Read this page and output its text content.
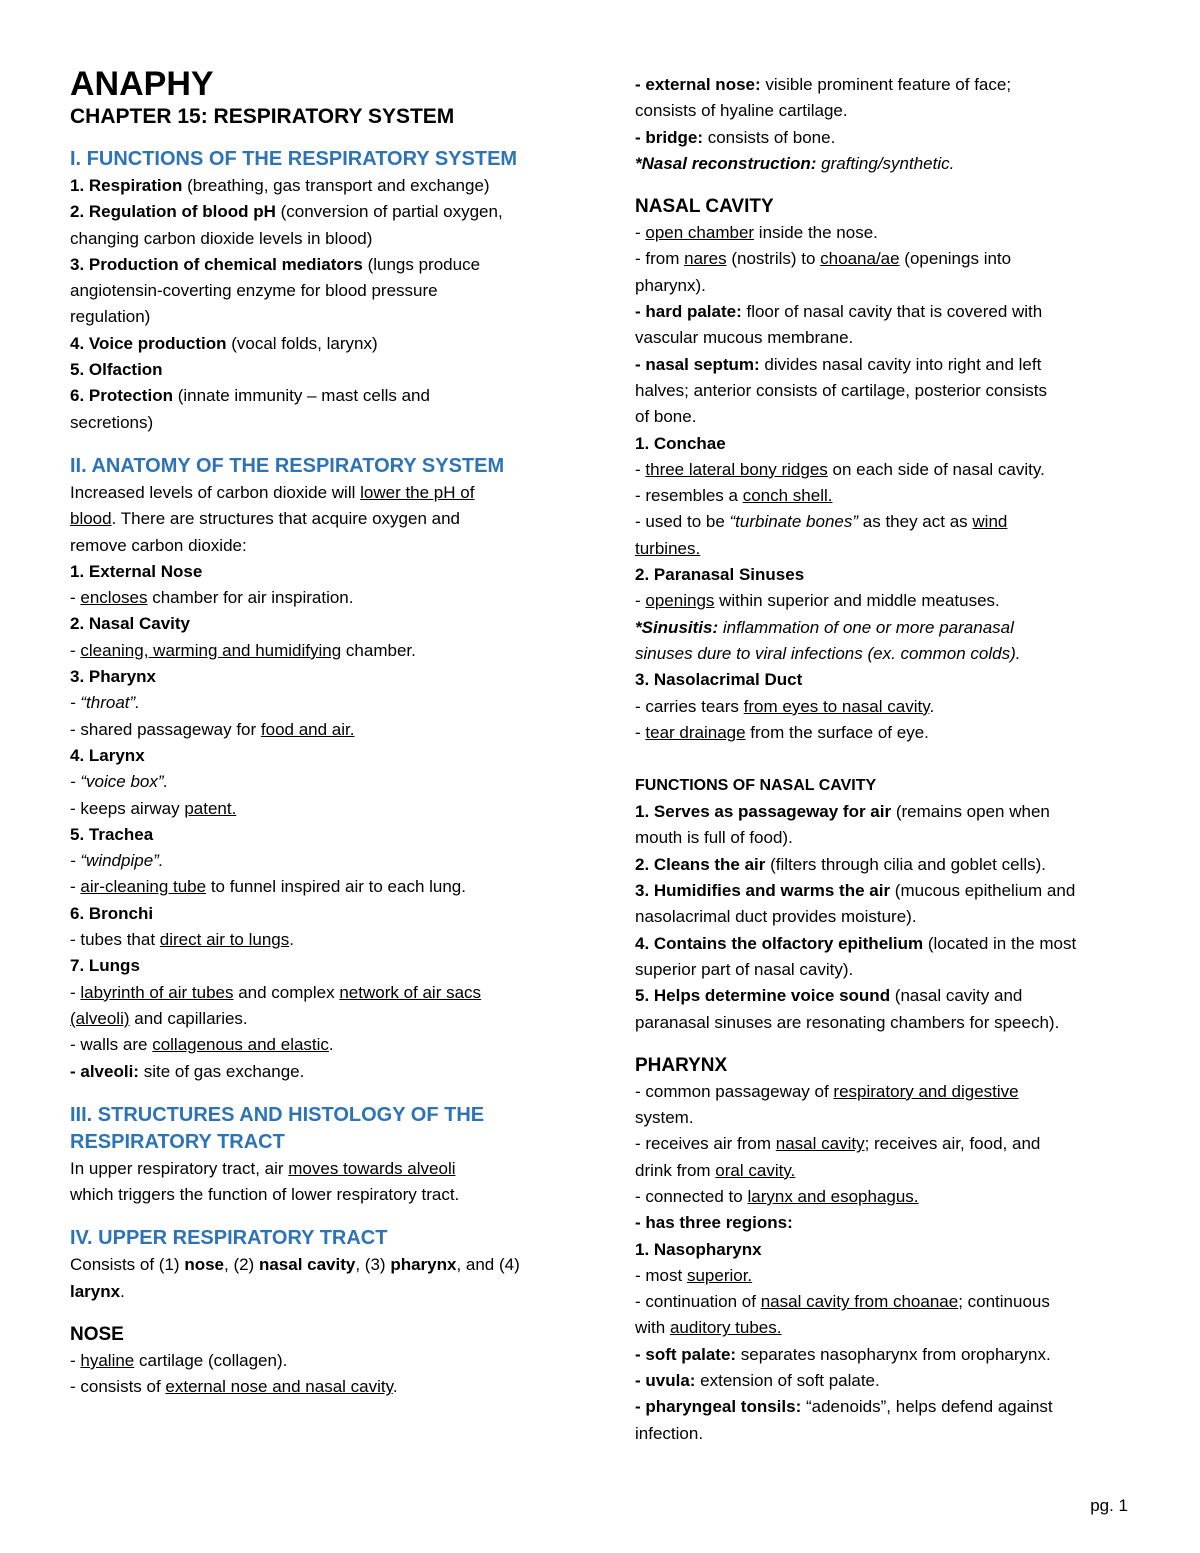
ANAPHY
CHAPTER 15: RESPIRATORY SYSTEM
I. FUNCTIONS OF THE RESPIRATORY SYSTEM
1. Respiration (breathing, gas transport and exchange)
2. Regulation of blood pH (conversion of partial oxygen,
changing carbon dioxide levels in blood)
3. Production of chemical mediators (lungs produce
angiotensin-coverting enzyme for blood pressure
regulation)
4. Voice production (vocal folds, larynx)
5. Olfaction
6. Protection (innate immunity – mast cells and
secretions)
II. ANATOMY OF THE RESPIRATORY SYSTEM
Increased levels of carbon dioxide will lower the pH of
blood. There are structures that acquire oxygen and
remove carbon dioxide:
1. External Nose
- encloses chamber for air inspiration.
2. Nasal Cavity
- cleaning, warming and humidifying chamber.
3. Pharynx
- “throat”.
- shared passageway for food and air.
4. Larynx
- “voice box”.
- keeps airway patent.
5. Trachea
- “windpipe”.
- air-cleaning tube to funnel inspired air to each lung.
6. Bronchi
- tubes that direct air to lungs.
7. Lungs
- labyrinth of air tubes and complex network of air sacs
(alveoli) and capillaries.
- walls are collagenous and elastic.
- alveoli: site of gas exchange.
III. STRUCTURES AND HISTOLOGY OF THE
RESPIRATORY TRACT
In upper respiratory tract, air moves towards alveoli
which triggers the function of lower respiratory tract.
IV. UPPER RESPIRATORY TRACT
Consists of (1) nose, (2) nasal cavity, (3) pharynx, and (4)
larynx.
NOSE
- hyaline cartilage (collagen).
- consists of external nose and nasal cavity.
- external nose: visible prominent feature of face;
consists of hyaline cartilage.
- bridge: consists of bone.
*Nasal reconstruction: grafting/synthetic.
NASAL CAVITY
- open chamber inside the nose.
- from nares (nostrils) to choana/ae (openings into
pharynx).
- hard palate: floor of nasal cavity that is covered with
vascular mucous membrane.
- nasal septum: divides nasal cavity into right and left
halves; anterior consists of cartilage, posterior consists
of bone.
1. Conchae
- three lateral bony ridges on each side of nasal cavity.
- resembles a conch shell.
- used to be “turbinate bones” as they act as wind
turbines.
2. Paranasal Sinuses
- openings within superior and middle meatuses.
*Sinusitis: inflammation of one or more paranasal
sinuses dure to viral infections (ex. common colds).
3. Nasolacrimal Duct
- carries tears from eyes to nasal cavity.
- tear drainage from the surface of eye.
FUNCTIONS OF NASAL CAVITY
1. Serves as passageway for air (remains open when
mouth is full of food).
2. Cleans the air (filters through cilia and goblet cells).
3. Humidifies and warms the air (mucous epithelium and
nasolacrimal duct provides moisture).
4. Contains the olfactory epithelium (located in the most
superior part of nasal cavity).
5. Helps determine voice sound (nasal cavity and
paranasal sinuses are resonating chambers for speech).
PHARYNX
- common passageway of respiratory and digestive
system.
- receives air from nasal cavity; receives air, food, and
drink from oral cavity.
- connected to larynx and esophagus.
- has three regions:
1. Nasopharynx
- most superior.
- continuation of nasal cavity from choanae; continuous
with auditory tubes.
- soft palate: separates nasopharynx from oropharynx.
- uvula: extension of soft palate.
- pharyngeal tonsils: “adenoids”, helps defend against
infection.
pg. 1
